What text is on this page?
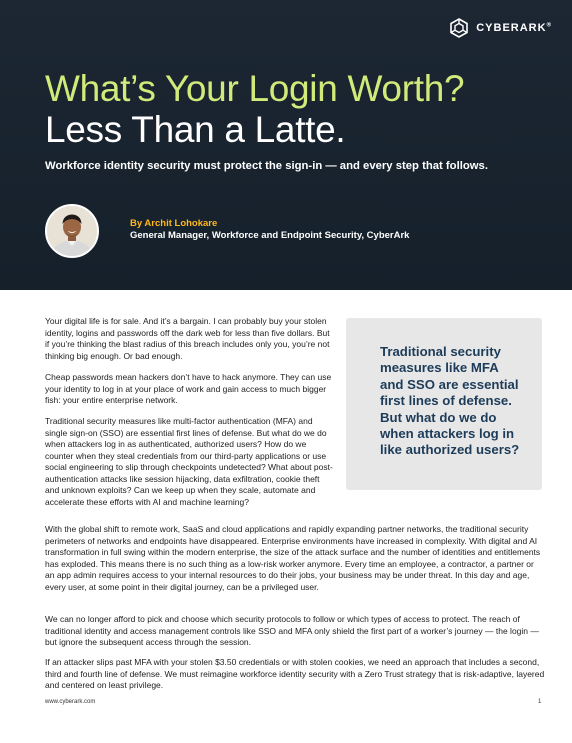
CYBERARK®
What’s Your Login Worth?
Less Than a Latte.
Workforce identity security must protect the sign-in — and every step that follows.
By Archit Lohokare
General Manager, Workforce and Endpoint Security, CyberArk

Your digital life is for sale. And it’s a bargain. I can probably buy your stolen identity, logins and passwords off the dark web for less than five dollars. But if you’re thinking the blast radius of this breach includes only you, you’re not thinking big enough. Or bad enough.

Cheap passwords mean hackers don’t have to hack anymore. They can use your identity to log in at your place of work and gain access to much bigger fish: your entire enterprise network.

Traditional security measures like multi-factor authentication (MFA) and single sign-on (SSO) are essential first lines of defense. But what do we do when attackers log in as authenticated, authorized users? How do we counter when they steal credentials from our third-party applications or use social engineering to slip through checkpoints undetected? What about post-authentication attacks like session hijacking, data exfiltration, cookie theft and unknown exploits? Can we keep up when they scale, automate and accelerate these efforts with AI and machine learning?

Traditional security measures like MFA and SSO are essential first lines of defense. But what do we do when attackers log in like authorized users?

With the global shift to remote work, SaaS and cloud applications and rapidly expanding partner networks, the traditional security perimeters of networks and endpoints have disappeared. Enterprise environments have increased in complexity. With digital and AI transformation in full swing within the modern enterprise, the size of the attack surface and the number of identities and entitlements has exploded. This means there is no such thing as a low-risk worker anymore. Every time an employee, a contractor, a partner or an app admin requires access to your internal resources to do their jobs, your business may be under threat. In this day and age, every user, at some point in their digital journey, can be a privileged user.

We can no longer afford to pick and choose which security protocols to follow or which types of access to protect. The reach of traditional identity and access management controls like SSO and MFA only shield the first part of a worker’s journey — the login — but ignore the subsequent access through the session.

If an attacker slips past MFA with your stolen $3.50 credentials or with stolen cookies, we need an approach that includes a second, third and fourth line of defense. We must reimagine workforce identity security with a Zero Trust strategy that is risk-adaptive, layered and centered on least privilege.

www.cyberark.com	1
